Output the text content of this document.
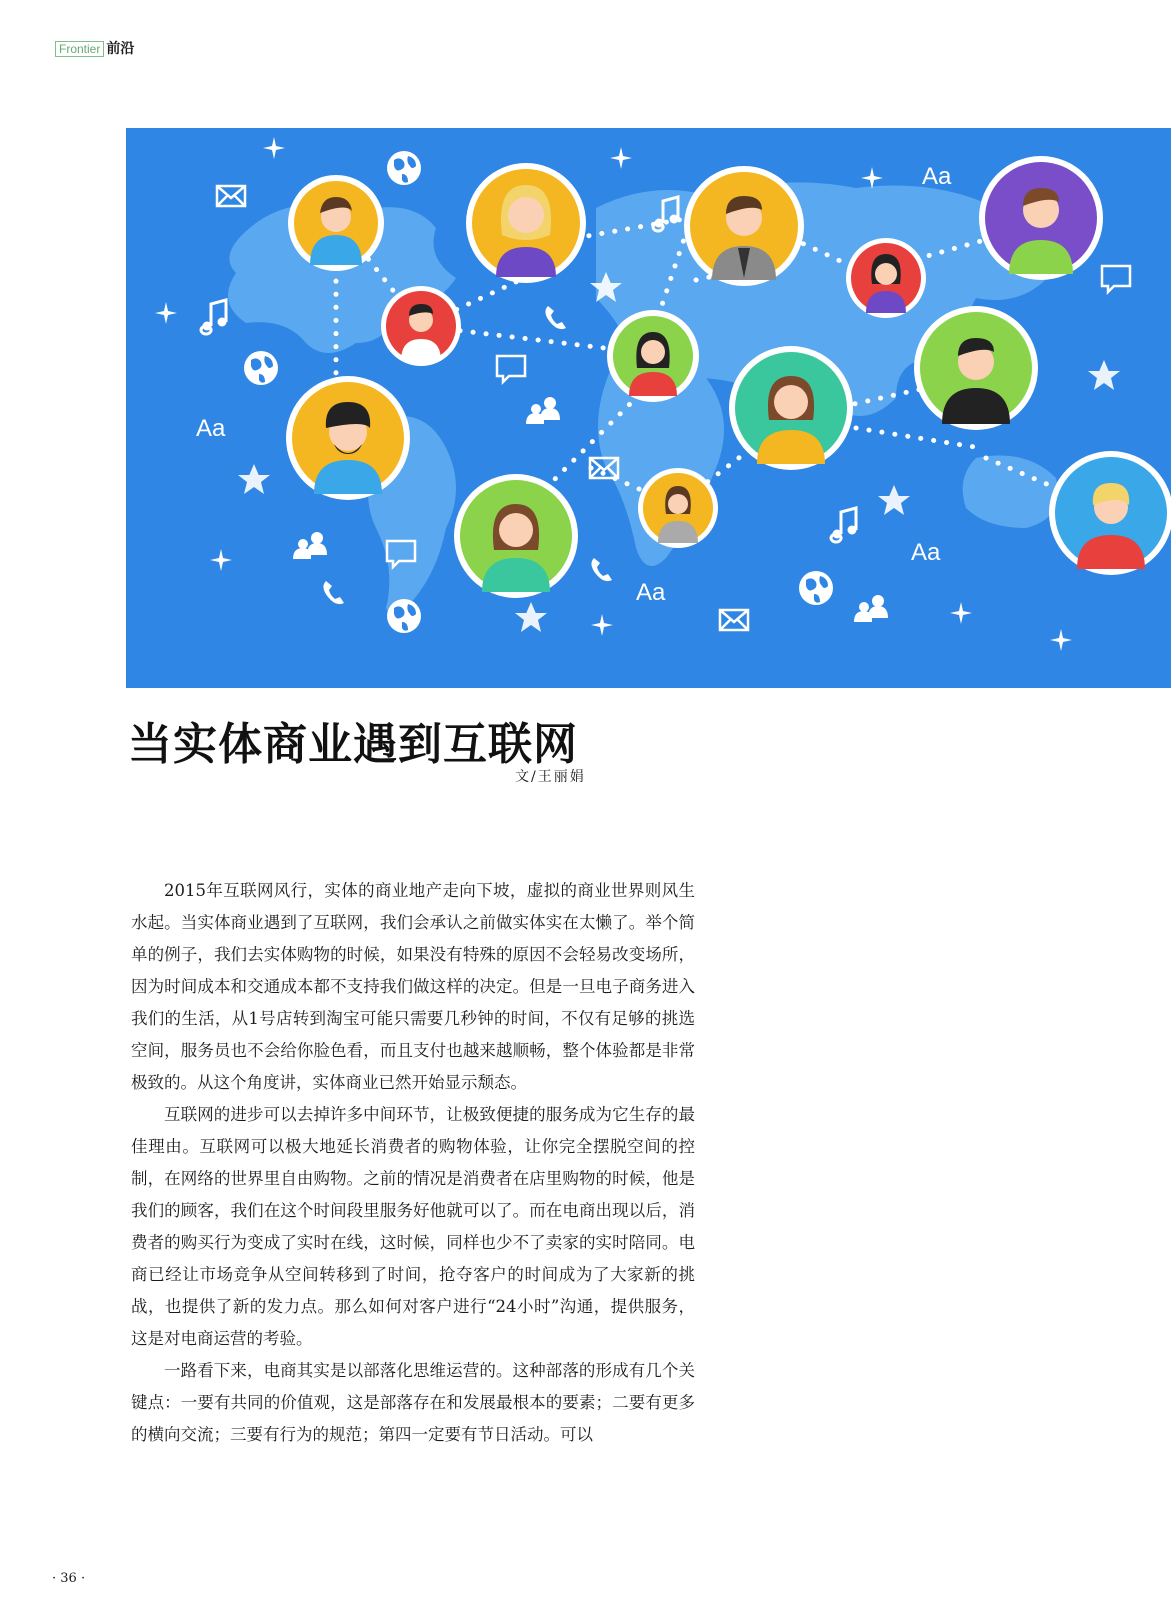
Frontier 前沿
Aa
Aa
Aa
Aa
当实体商业遇到互联网
文/王丽娟

2015年互联网风行，实体的商业地产走向下坡，虚拟的商业世界则风生水起。当实体商业遇到了互联网，我们会承认之前做实体实在太懒了。举个简单的例子，我们去实体购物的时候，如果没有特殊的原因不会轻易改变场所，因为时间成本和交通成本都不支持我们做这样的决定。但是一旦电子商务进入我们的生活，从1号店转到淘宝可能只需要几秒钟的时间，不仅有足够的挑选空间，服务员也不会给你脸色看，而且支付也越来越顺畅，整个体验都是非常极致的。从这个角度讲，实体商业已然开始显示颓态。

互联网的进步可以去掉许多中间环节，让极致便捷的服务成为它生存的最佳理由。互联网可以极大地延长消费者的购物体验，让你完全摆脱空间的控制，在网络的世界里自由购物。之前的情况是消费者在店里购物的时候，他是我们的顾客，我们在这个时间段里服务好他就可以了。而在电商出现以后，消费者的购买行为变成了实时在线，这时候，同样也少不了卖家的实时陪同。电商已经让市场竞争从空间转移到了时间，抢夺客户的时间成为了大家新的挑战，也提供了新的发力点。那么如何对客户进行“24小时”沟通，提供服务，这是对电商运营的考验。

一路看下来，电商其实是以部落化思维运营的。这种部落的形成有几个关键点：一要有共同的价值观，这是部落存在和发展最根本的要素；二要有更多的横向交流；三要有行为的规范；第四一定要有节日活动。可以

· 36 ·
